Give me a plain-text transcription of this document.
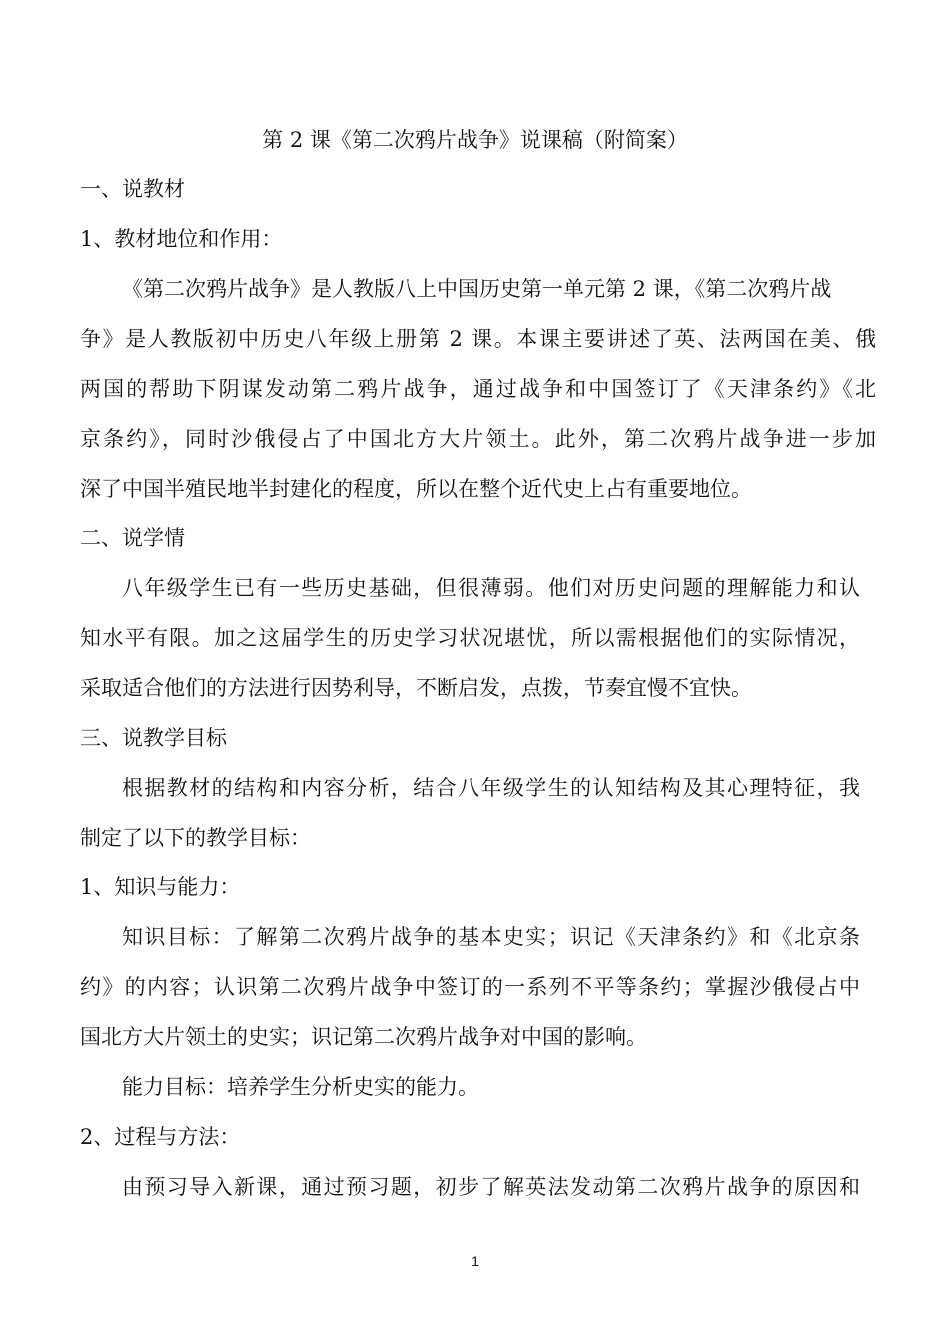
第 2 课《第二次鸦片战争》说课稿（附简案）
一、说教材
1、教材地位和作用：
《第二次鸦片战争》是人教版八上中国历史第一单元第 2 课，《第二次鸦片战
争》是人教版初中历史八年级上册第 2 课。本课主要讲述了英、法两国在美、俄
两国的帮助下阴谋发动第二鸦片战争，通过战争和中国签订了《天津条约》《北
京条约》，同时沙俄侵占了中国北方大片领土。此外，第二次鸦片战争进一步加
深了中国半殖民地半封建化的程度，所以在整个近代史上占有重要地位。
二、说学情
八年级学生已有一些历史基础，但很薄弱。他们对历史问题的理解能力和认
知水平有限。加之这届学生的历史学习状况堪忧，所以需根据他们的实际情况，
采取适合他们的方法进行因势利导，不断启发，点拨，节奏宜慢不宜快。
三、说教学目标
根据教材的结构和内容分析，结合八年级学生的认知结构及其心理特征，我
制定了以下的教学目标：
1、知识与能力：
知识目标：了解第二次鸦片战争的基本史实；识记《天津条约》和《北京条
约》的内容；认识第二次鸦片战争中签订的一系列不平等条约；掌握沙俄侵占中
国北方大片领土的史实；识记第二次鸦片战争对中国的影响。
能力目标：培养学生分析史实的能力。
2、过程与方法：
由预习导入新课，通过预习题，初步了解英法发动第二次鸦片战争的原因和
1
